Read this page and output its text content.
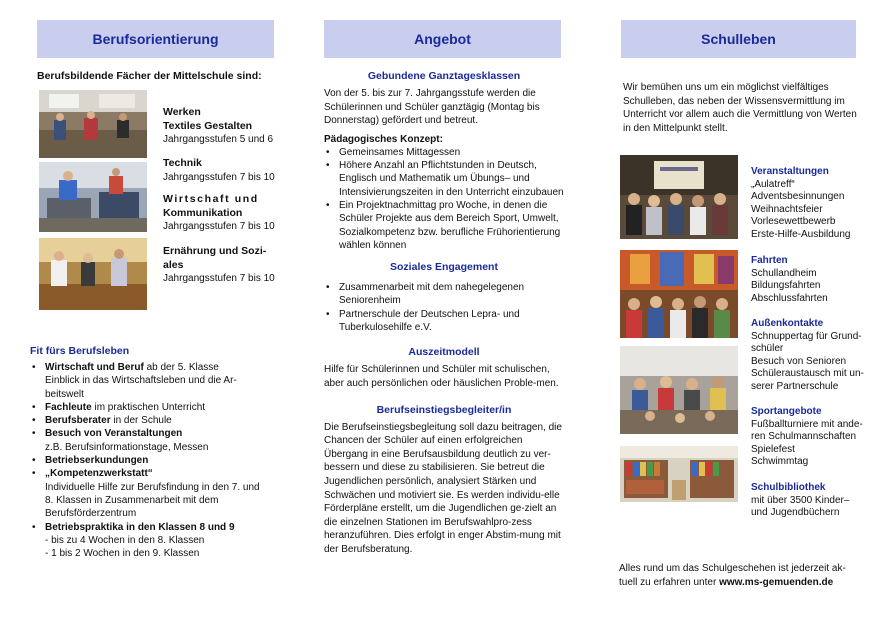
Berufsorientierung
Berufsbildende Fächer der Mittelschule sind:
Werken
Textiles Gestalten
Jahrgangsstufen 5 und 6
Technik
Jahrgangsstufen 7 bis 10
Wirtschaft und
Kommunikation
Jahrgangsstufen 7 bis 10
Ernährung und Sozi-
ales
Jahrgangsstufen 7 bis 10
Fit fürs Berufsleben
• Wirtschaft und Beruf ab der 5. Klasse
Einblick in das Wirtschaftsleben und die Ar-beitswelt
• Fachleute im praktischen Unterricht
• Berufsberater in der Schule
• Besuch von Veranstaltungen
z.B. Berufsinformationstage, Messen
• Betriebserkundungen
• „Kompetenzwerkstatt“
Individuelle Hilfe zur Berufsfindung in den 7. und 8. Klassen in Zusammenarbeit mit dem Berufsförderzentrum
• Betriebspraktika in den Klassen 8 und 9
- bis zu 4 Wochen in den 8. Klassen
- 1 bis 2 Wochen in den 9. Klassen
Angebot
Gebundene Ganztagesklassen
Von der 5. bis zur 7. Jahrgangsstufe werden die Schülerinnen und Schüler ganztägig (Montag bis Donnerstag) gefördert und betreut.
Pädagogisches Konzept:
• Gemeinsames Mittagessen
• Höhere Anzahl an Pflichtstunden in Deutsch, Englisch und Mathematik um Übungs– und Intensivierungszeiten in den Unterricht einzubauen
• Ein Projektnachmittag pro Woche, in denen die Schüler Projekte aus dem Bereich Sport, Umwelt, Sozialkompetenz bzw. berufliche Frühorientierung wählen können
Soziales Engagement
• Zusammenarbeit mit dem nahegelegenen Seniorenheim
• Partnerschule der Deutschen Lepra- und Tuberkulosehilfe e.V.
Auszeitmodell
Hilfe für Schülerinnen und Schüler mit schulischen, aber auch persönlichen oder häuslichen Proble-men.
Berufseinstiegsbegleiter/in
Die Berufseinstiegsbegleitung soll dazu beitragen, die Chancen der Schüler auf einen erfolgreichen Übergang in eine Berufsausbildung deutlich zu ver-bessern und diese zu stabilisieren. Sie betreut die Jugendlichen persönlich, analysiert Stärken und Schwächen und motiviert sie. Es werden individu-elle Förderpläne erstellt, um die Jugendlichen ge-zielt an die einzelnen Stationen im Berufswahlpro-zess heranzuführen. Dies erfolgt in enger Abstim-mung mit der Berufsberatung.
Schulleben
Wir bemühen uns um ein möglichst vielfältiges Schulleben, das neben der Wissensvermittlung im Unterricht vor allem auch die Vermittlung von Werten in den Mittelpunkt stellt.
Veranstaltungen
„Aulatreff“
Adventsbesinnungen
Weihnachtsfeier
Vorlesewettbewerb
Erste-Hilfe-Ausbildung
Fahrten
Schullandheim
Bildungsfahrten
Abschlussfahrten
Außenkontakte
Schnuppertag für Grund-
schüler
Besuch von Senioren
Schüleraustausch mit un-
serer Partnerschule
Sportangebote
Fußballturniere mit ande-
ren Schulmannschaften
Spielefest
Schwimmtag
Schulbibliothek
mit über 3500 Kinder–
und Jugendbüchern
Alles rund um das Schulgeschehen ist jederzeit ak-
tuell zu erfahren unter www.ms-gemuenden.de
